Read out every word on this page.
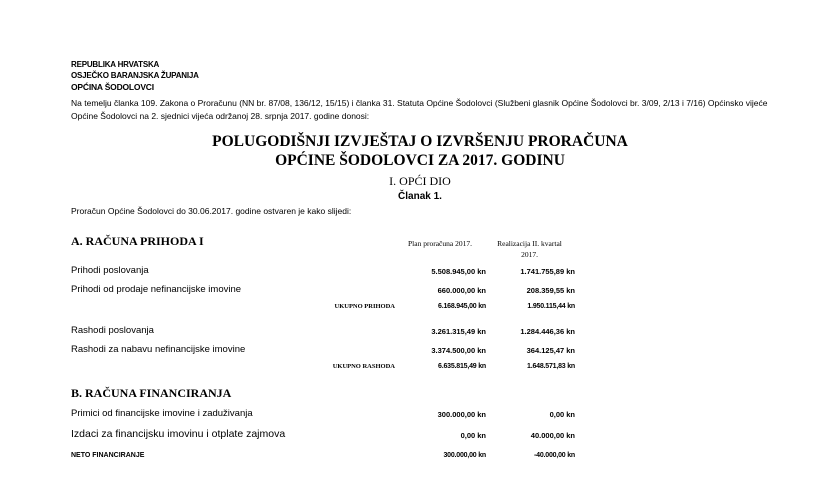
REPUBLIKA HRVATSKA
OSJEČKO BARANJSKA ŽUPANIJA
OPĆINA ŠODOLOVCI
Na temelju članka 109. Zakona o Proračunu (NN br. 87/08, 136/12, 15/15) i članka 31. Statuta Općine Šodolovci (Službeni glasnik Općine Šodolovci br. 3/09, 2/13 i 7/16) Općinsko vijeće Općine Šodolovci na 2. sjednici vijeća održanoj 28. srpnja 2017. godine donosi:
POLUGODIŠNJI IZVJEŠTAJ O IZVRŠENJU PRORAČUNA
OPĆINE ŠODOLOVCI ZA 2017. GODINU
I. OPĆI DIO
Članak 1.
Proračun Općine Šodolovci do 30.06.2017. godine ostvaren je kako slijedi:
A. RAČUNA PRIHODA I	Plan proračuna 2017.	Realizacija II. kvartal
2017.
Prihodi poslovanja	5.508.945,00 kn	1.741.755,89 kn
Prihodi od prodaje nefinancijske imovine	660.000,00 kn	208.359,55 kn
UKUPNO PRIHODA	6.168.945,00 kn	1.950.115,44 kn
Rashodi poslovanja	3.261.315,49 kn	1.284.446,36 kn
Rashodi za nabavu nefinancijske imovine	3.374.500,00 kn	364.125,47 kn
UKUPNO RASHODA	6.635.815,49 kn	1.648.571,83 kn
B. RAČUNA FINANCIRANJA
Primici od financijske imovine i zaduživanja	300.000,00 kn	0,00 kn
Izdaci za financijsku imovinu i otplate zajmova	0,00 kn	40.000,00 kn
NETO FINANCIRANJE	300.000,00 kn	-40.000,00 kn
